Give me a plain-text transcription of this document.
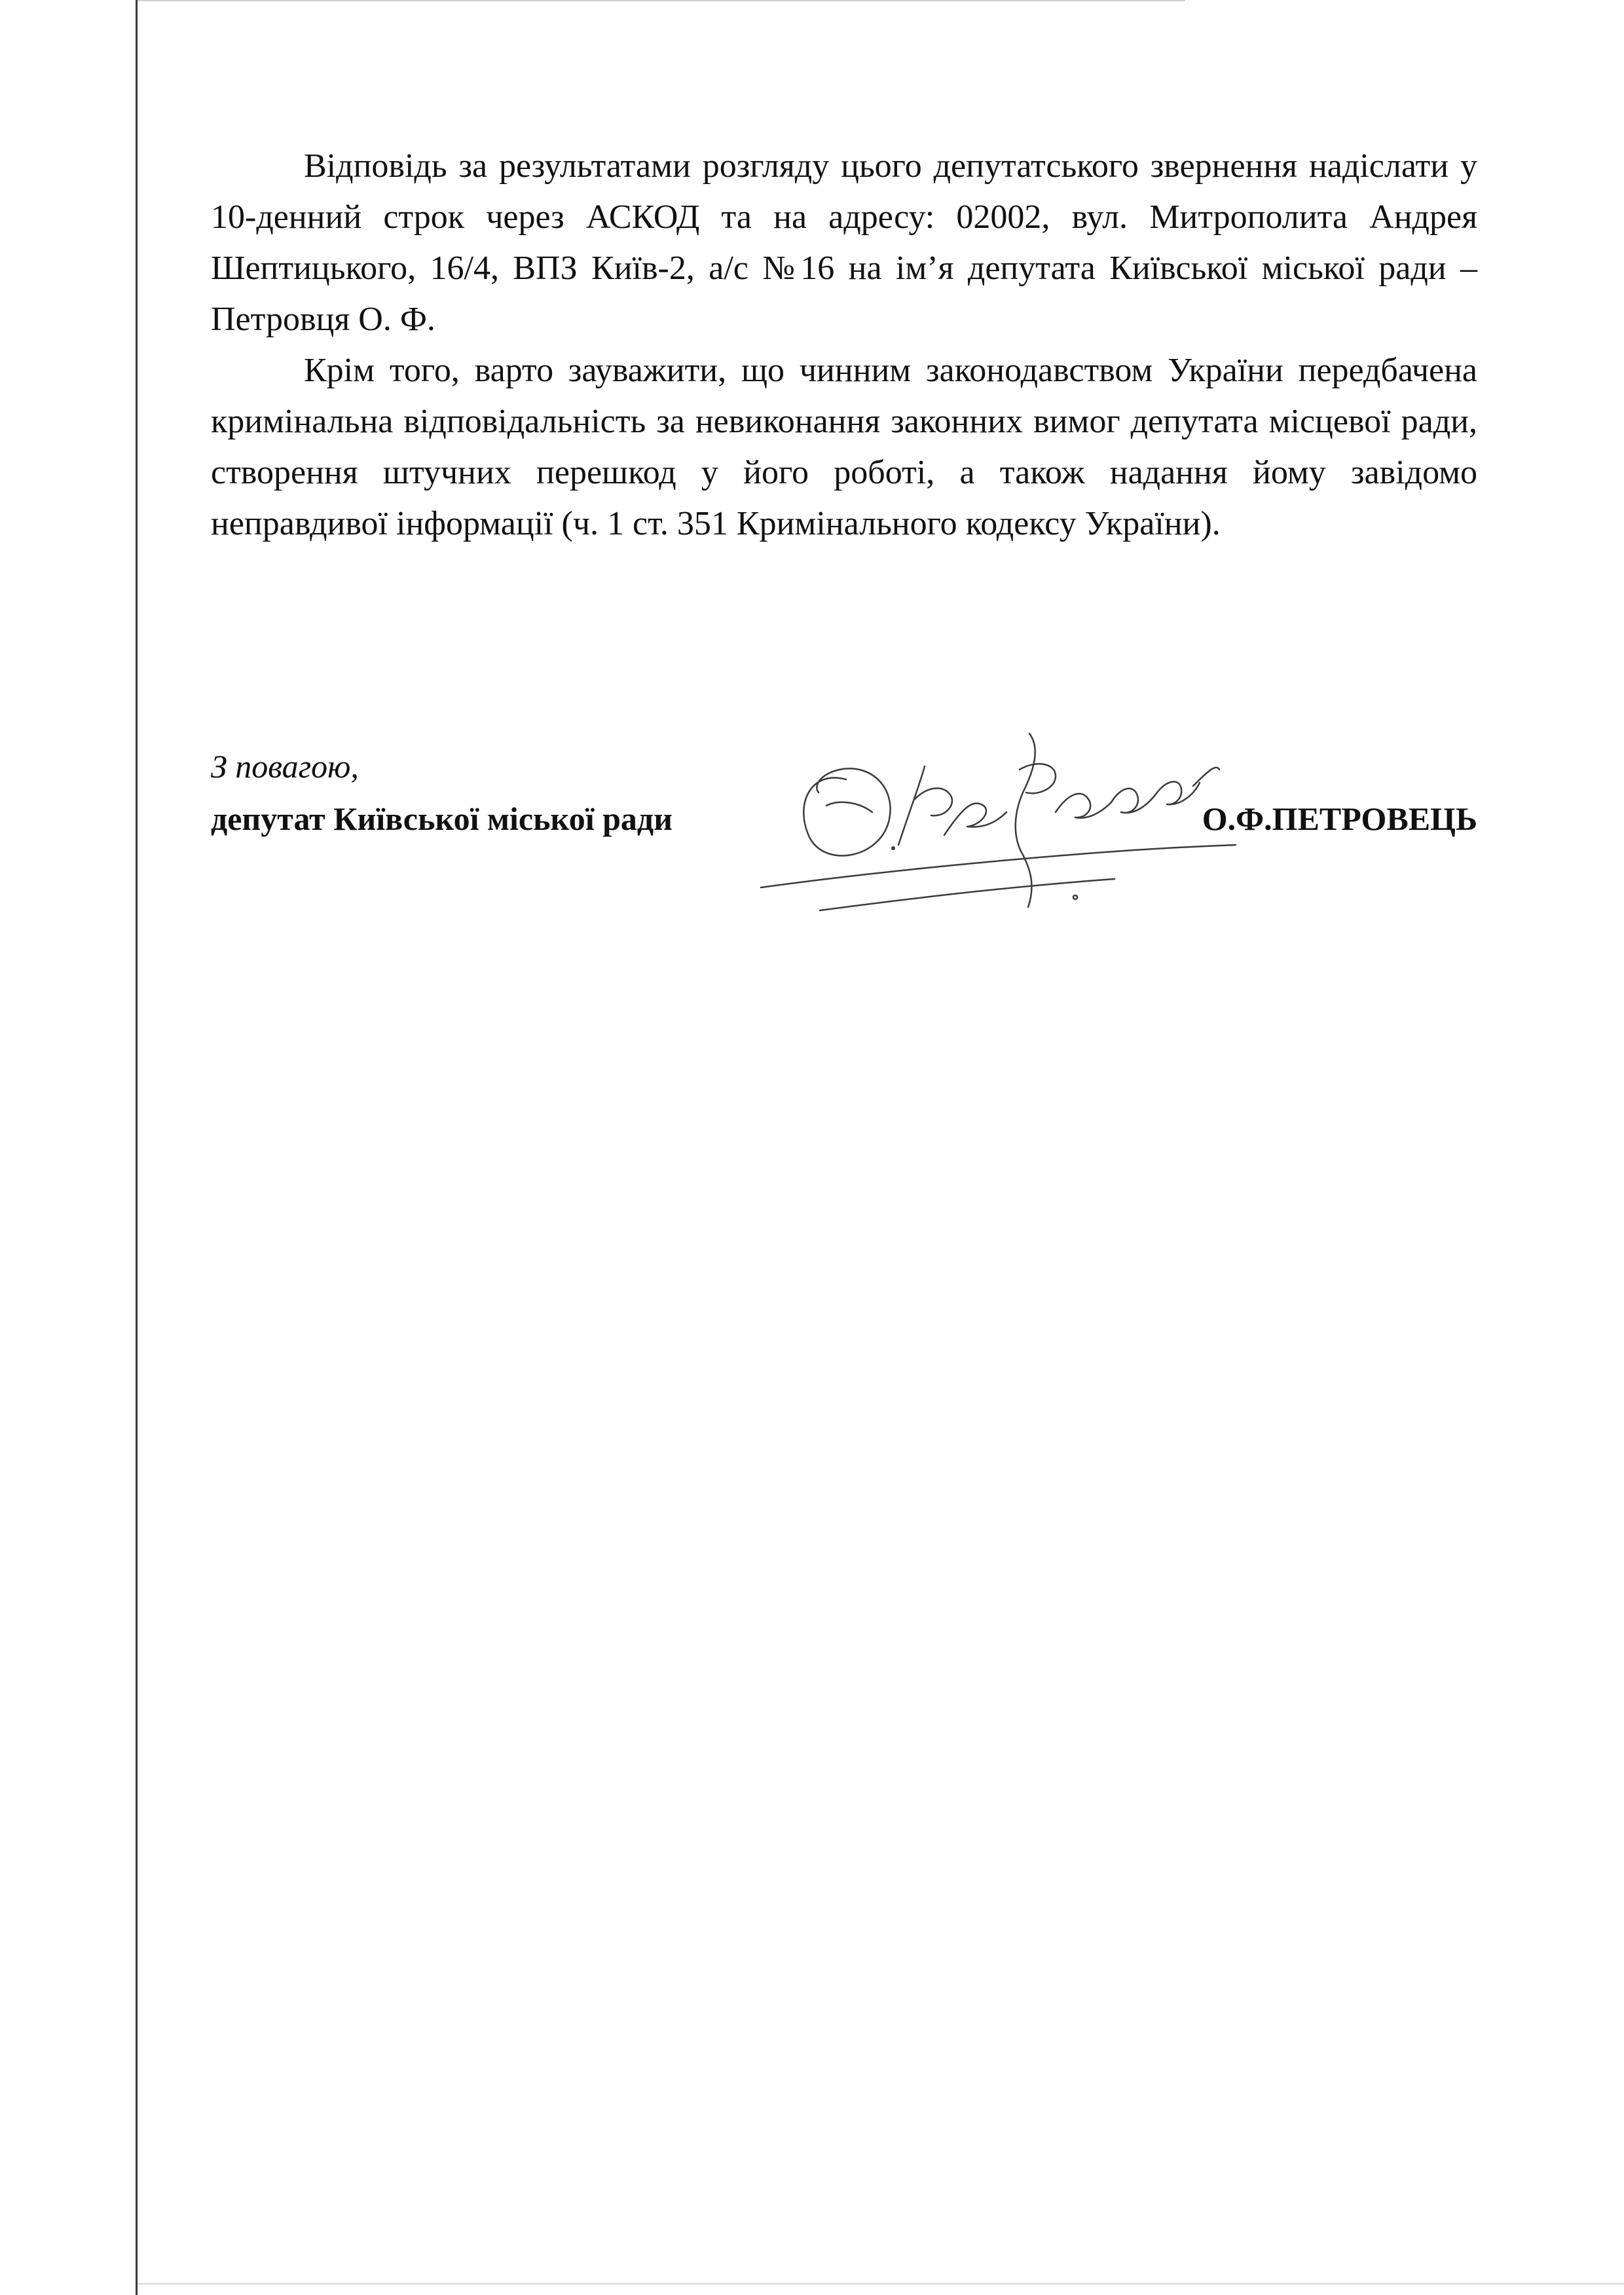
Відповідь за результатами розгляду цього депутатського звернення надіслати у 10-денний строк через АСКОД та на адресу: 02002, вул. Митрополита Андрея Шептицького, 16/4, ВПЗ Київ-2, а/с №16 на ім’я депутата Київської міської ради – Петровця О. Ф.

Крім того, варто зауважити, що чинним законодавством України передбачена кримінальна відповідальність за невиконання законних вимог депутата місцевої ради, створення штучних перешкод у його роботі, а також надання йому завідомо неправдивої інформації (ч. 1 ст. 351 Кримінального кодексу України).

З повагою,
депутат Київської міської ради	О.Ф.ПЕТРОВЕЦЬ
